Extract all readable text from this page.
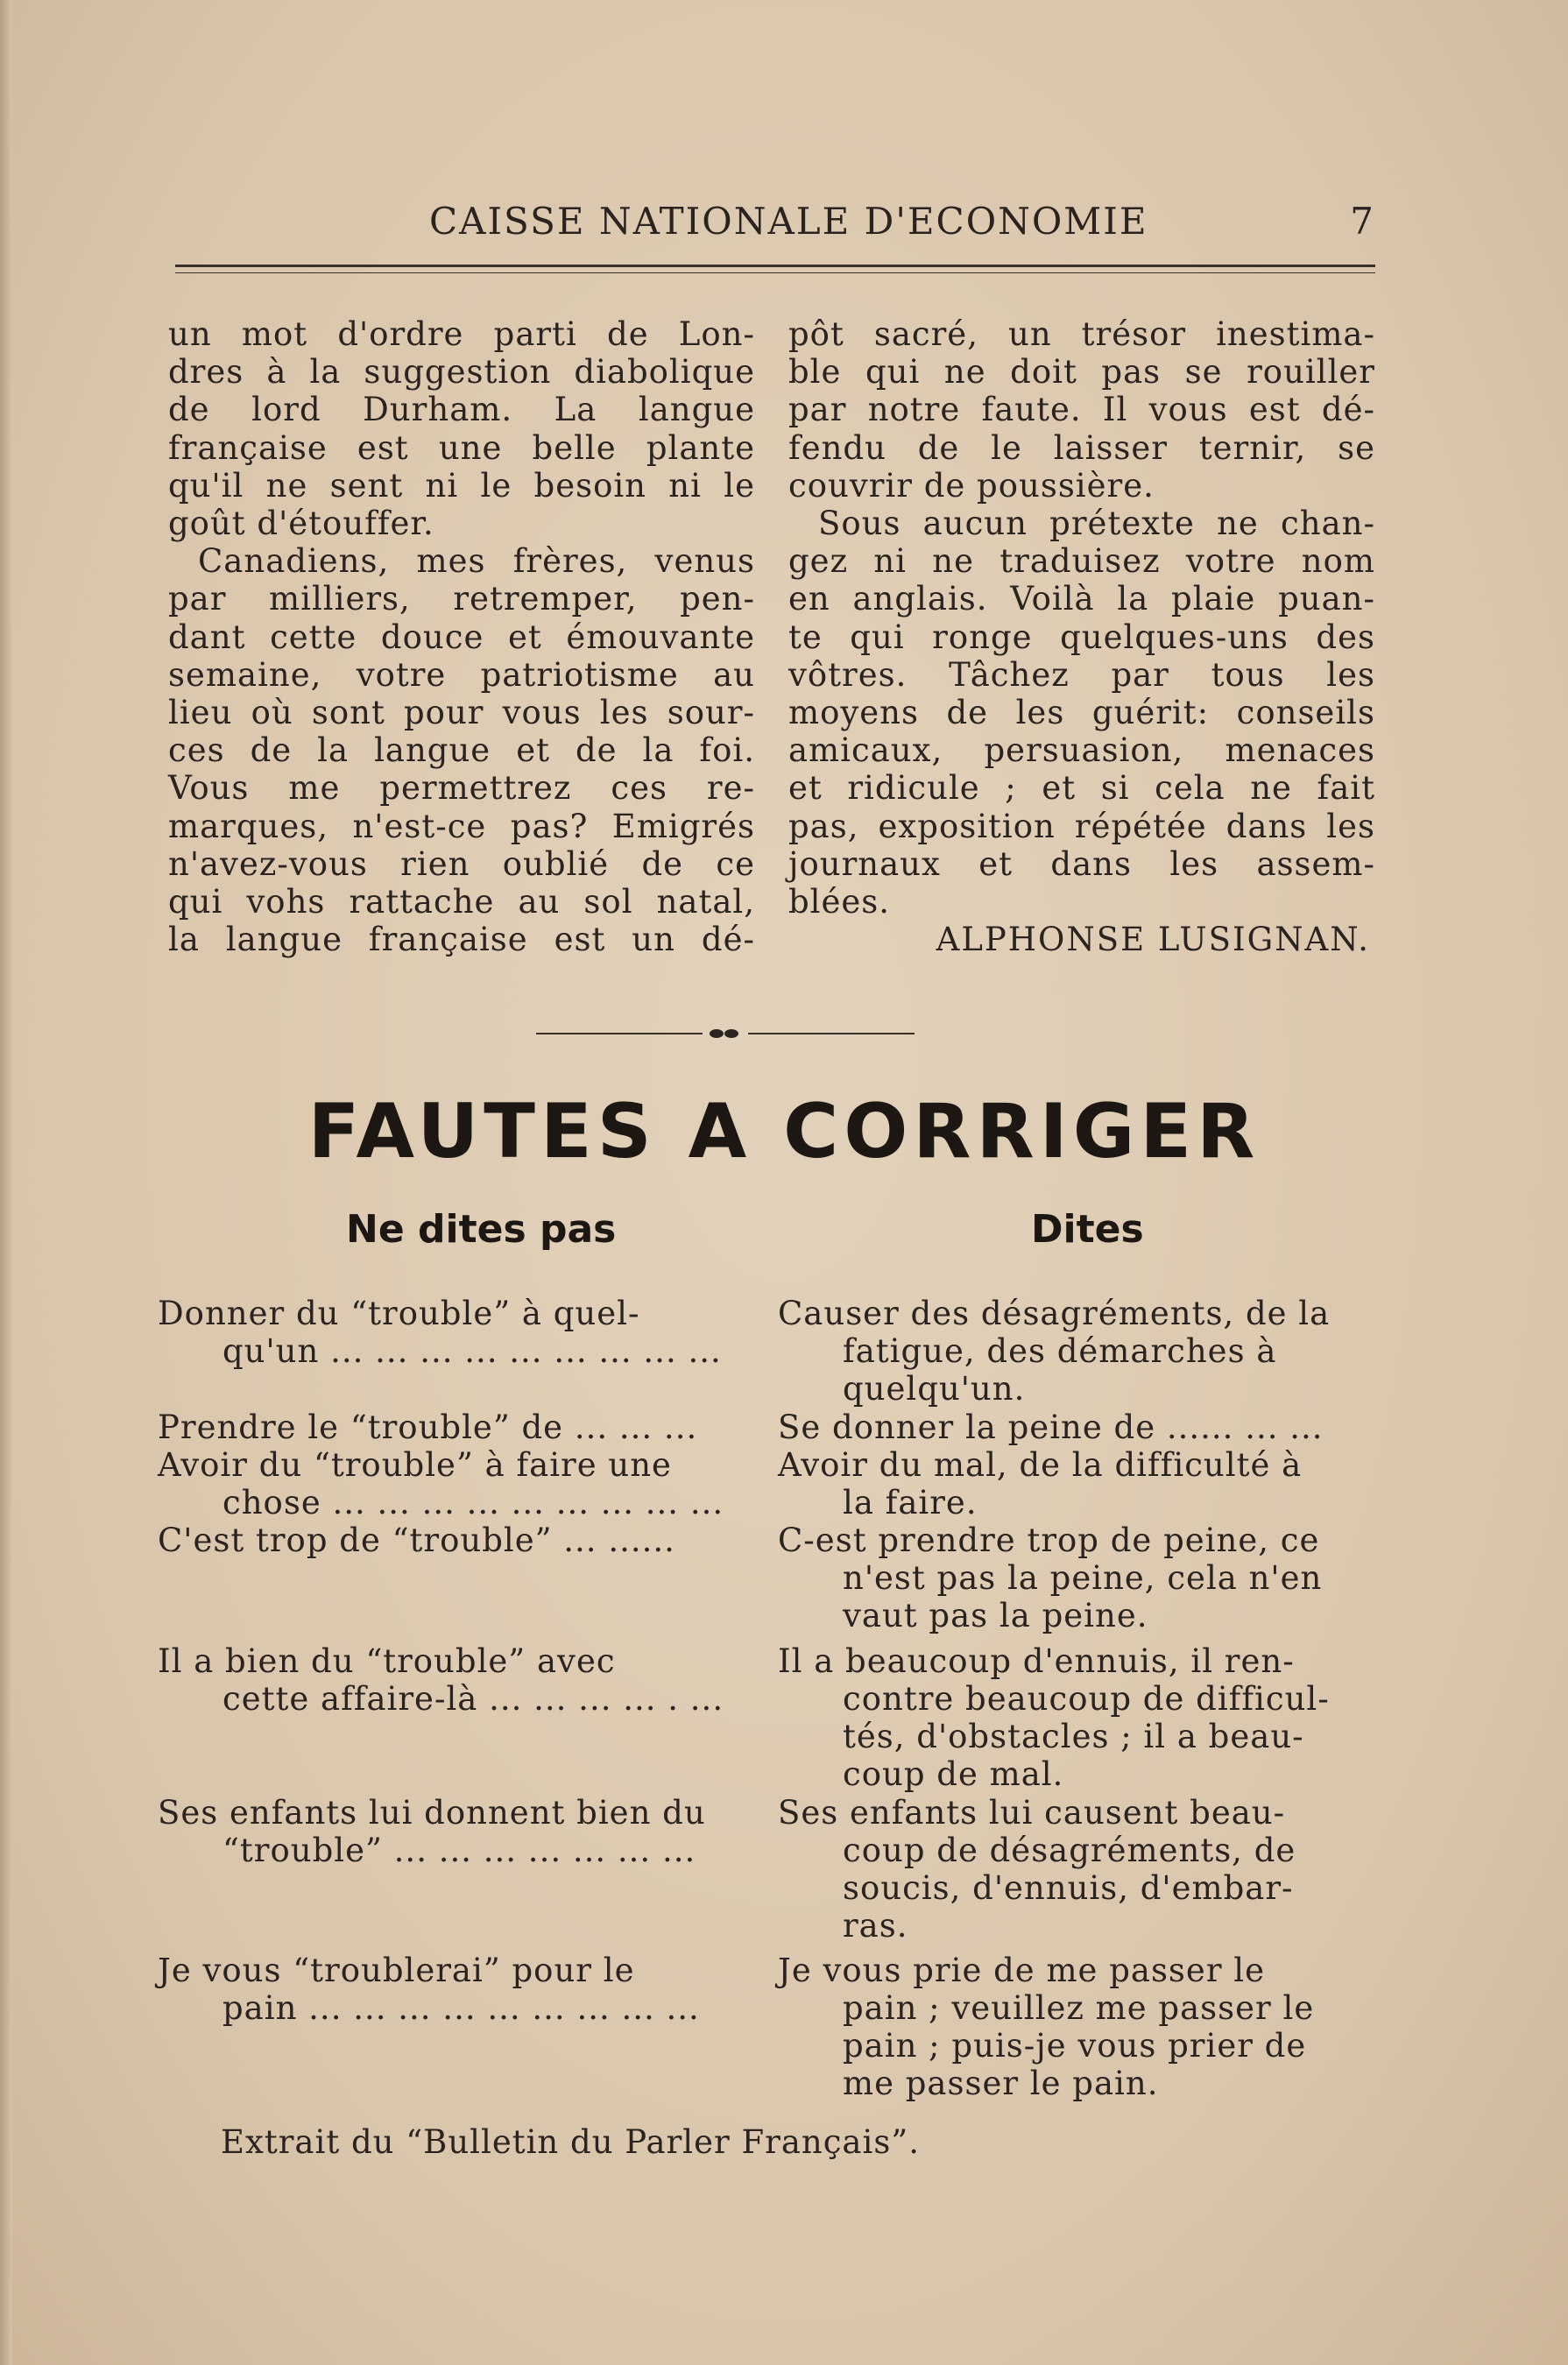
CAISSE NATIONALE D'ECONOMIE	7
un mot d'ordre parti de Lon-
dres à la suggestion diabolique
de lord Durham. La langue
française est une belle plante
qu'il ne sent ni le besoin ni le
goût d'étouffer.
Canadiens, mes frères, venus
par milliers, retremper, pen-
dant cette douce et émouvante
semaine, votre patriotisme au
lieu où sont pour vous les sour-
ces de la langue et de la foi.
Vous me permettrez ces re-
marques, n'est-ce pas? Emigrés
n'avez-vous rien oublié de ce
qui vohs rattache au sol natal,
la langue française est un dé-
pôt sacré, un trésor inestima-
ble qui ne doit pas se rouiller
par notre faute. Il vous est dé-
fendu de le laisser ternir, se
couvrir de poussière.
Sous aucun prétexte ne chan-
gez ni ne traduisez votre nom
en anglais. Voilà la plaie puan-
te qui ronge quelques-uns des
vôtres. Tâchez par tous les
moyens de les guérit: conseils
amicaux, persuasion, menaces
et ridicule ; et si cela ne fait
pas, exposition répétée dans les
journaux et dans les assem-
blées.
ALPHONSE LUSIGNAN.
FAUTES A CORRIGER
Ne dites pas	Dites
Donner du “trouble” à quel-
qu'un ... ... ... ... ... ... ... ... ...
Prendre le “trouble” de ... ... ...
Avoir du “trouble” à faire une
chose ... ... ... ... ... ... ... ... ...
C'est trop de “trouble” ... ......
Il a bien du “trouble” avec
cette affaire-là ... ... ... ... . ...
Ses enfants lui donnent bien du
“trouble” ... ... ... ... ... ... ...
Je vous “troublerai” pour le
pain ... ... ... ... ... ... ... ... ...
Causer des désagréments, de la
fatigue, des démarches à
quelqu'un.
Se donner la peine de ...... ... ...
Avoir du mal, de la difficulté à
la faire.
C-est prendre trop de peine, ce
n'est pas la peine, cela n'en
vaut pas la peine.
Il a beaucoup d'ennuis, il ren-
contre beaucoup de difficul-
tés, d'obstacles ; il a beau-
coup de mal.
Ses enfants lui causent beau-
coup de désagréments, de
soucis, d'ennuis, d'embar-
ras.
Je vous prie de me passer le
pain ; veuillez me passer le
pain ; puis-je vous prier de
me passer le pain.
Extrait du “Bulletin du Parler Français”.
